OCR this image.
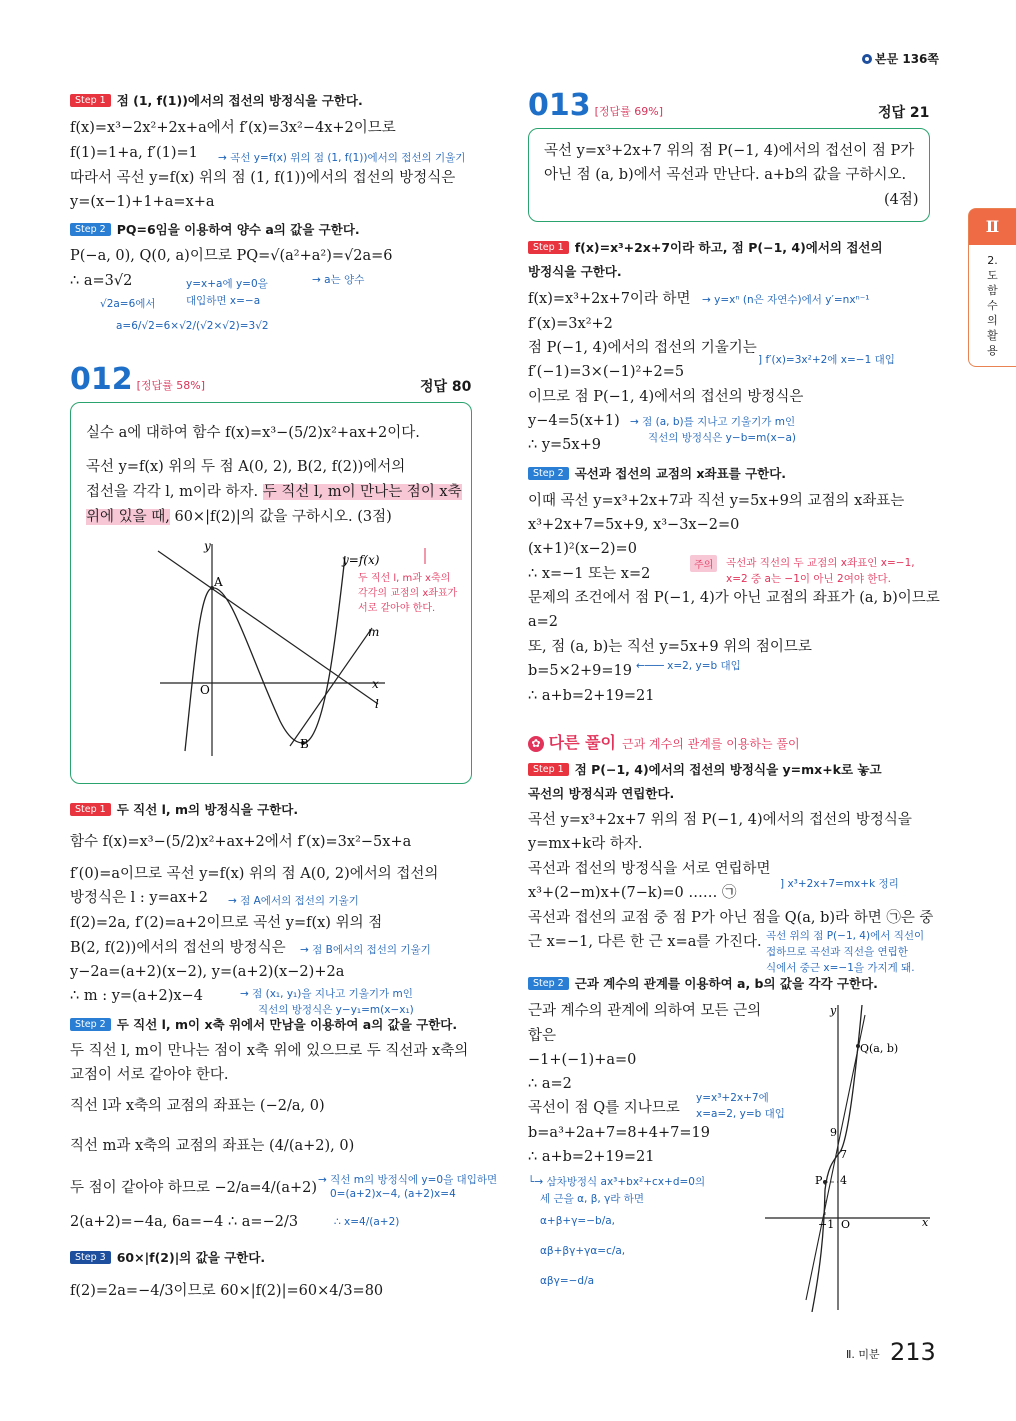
본문 136쪽
Ⅱ
2. 도함수의 활용
Step 1 점 (1, f(1))에서의 접선의 방정식을 구한다.
f(x)=x³−2x²+2x+a에서 f′(x)=3x²−4x+2이므로
f(1)=1+a, f′(1)=1 → 곡선 y=f(x) 위의 점 (1, f(1))에서의 접선의 기울기
따라서 곡선 y=f(x) 위의 점 (1, f(1))에서의 접선의 방정식은
y=(x−1)+1+a=x+a
Step 2 PQ=6임을 이용하여 양수 a의 값을 구한다.
P(−a, 0), Q(0, a)이므로 PQ=√(a²+a²)=√2a=6
→ a는 양수
∴ a=3√2	y=x+a에 y=0을
대입하면 x=−a
√2a=6에서
a=6/√2=6×√2/(√2×√2)=3√2
012 [정답률 58%]	정답 80
실수 a에 대하여 함수 f(x)=x³−(5/2)x²+ax+2이다.
곡선 y=f(x) 위의 두 점 A(0, 2), B(2, f(2))에서의
접선을 각각 l, m이라 하자. 두 직선 l, m이 만나는 점이 x축
위에 있을 때, 60×|f(2)|의 값을 구하시오. (3점)
y
x
O
A
B
l
m
y=f(x)
두 직선 l, m과 x축의
각각의 교점의 x좌표가
서로 같아야 한다.
Step 1 두 직선 l, m의 방정식을 구한다.
함수 f(x)=x³−(5/2)x²+ax+2에서 f′(x)=3x²−5x+a
f′(0)=a이므로 곡선 y=f(x) 위의 점 A(0, 2)에서의 접선의
방정식은 l : y=ax+2 → 점 A에서의 접선의 기울기
f(2)=2a, f′(2)=a+2이므로 곡선 y=f(x) 위의 점
B(2, f(2))에서의 접선의 방정식은 → 점 B에서의 접선의 기울기
y−2a=(a+2)(x−2), y=(a+2)(x−2)+2a
∴ m : y=(a+2)x−4	→ 점 (x₁, y₁)을 지나고 기울기가 m인
직선의 방정식은 y−y₁=m(x−x₁)
Step 2 두 직선 l, m이 x축 위에서 만남을 이용하여 a의 값을 구한다.
두 직선 l, m이 만나는 점이 x축 위에 있으므로 두 직선과 x축의
교점이 서로 같아야 한다.
직선 l과 x축의 교점의 좌표는 (−2/a, 0)
직선 m과 x축의 교점의 좌표는 (4/(a+2), 0)
두 점이 같아야 하므로 −2/a=4/(a+2) → 직선 m의 방정식에 y=0을 대입하면
0=(a+2)x−4, (a+2)x=4
2(a+2)=−4a, 6a=−4 ∴ a=−2/3	∴ x=4/(a+2)
Step 3 60×|f(2)|의 값을 구한다.
f(2)=2a=−4/3이므로 60×|f(2)|=60×4/3=80
013 [정답률 69%]	정답 21
곡선 y=x³+2x+7 위의 점 P(−1, 4)에서의 접선이 점 P가
아닌 점 (a, b)에서 곡선과 만난다. a+b의 값을 구하시오.
(4점)
Step 1 f(x)=x³+2x+7이라 하고, 점 P(−1, 4)에서의 접선의
방정식을 구한다.
f(x)=x³+2x+7이라 하면 → y=xⁿ (n은 자연수)에서 y′=nxⁿ⁻¹
f′(x)=3x²+2
점 P(−1, 4)에서의 접선의 기울기는
] f′(x)=3x²+2에 x=−1 대입
f′(−1)=3×(−1)²+2=5
이므로 점 P(−1, 4)에서의 접선의 방정식은
y−4=5(x+1) → 점 (a, b)를 지나고 기울기가 m인
직선의 방정식은 y−b=m(x−a)
∴ y=5x+9
Step 2 곡선과 접선의 교점의 x좌표를 구한다.
이때 곡선 y=x³+2x+7과 직선 y=5x+9의 교점의 x좌표는
x³+2x+7=5x+9, x³−3x−2=0
(x+1)²(x−2)=0
∴ x=−1 또는 x=2
주의	곡선과 직선의 두 교점의 x좌표인 x=−1,
x=2 중 a는 −1이 아닌 2여야 한다.
문제의 조건에서 점 P(−1, 4)가 아닌 교점의 좌표가 (a, b)이므로
a=2
또, 점 (a, b)는 직선 y=5x+9 위의 점이므로
b=5×2+9=19 ←─── x=2, y=b 대입
∴ a+b=2+19=21
✿ 다른 풀이 근과 계수의 관계를 이용하는 풀이
Step 1 점 P(−1, 4)에서의 접선의 방정식을 y=mx+k로 놓고
곡선의 방정식과 연립한다.
곡선 y=x³+2x+7 위의 점 P(−1, 4)에서의 접선의 방정식을
y=mx+k라 하자.
곡선과 접선의 방정식을 서로 연립하면
x³+(2−m)x+(7−k)=0 …… ㉠
] x³+2x+7=mx+k 정리
곡선과 접선의 교점 중 점 P가 아닌 점을 Q(a, b)라 하면 ㉠은 중
근 x=−1, 다른 한 근 x=a를 가진다. 곡선 위의 점 P(−1, 4)에서 직선이
접하므로 곡선과 직선을 연립한
식에서 중근 x=−1을 가지게 돼.
Step 2 근과 계수의 관계를 이용하여 a, b의 값을 각각 구한다.
근과 계수의 관계에 의하여 모든 근의
합은
−1+(−1)+a=0
∴ a=2
곡선이 점 Q를 지나므로
y=x³+2x+7에
x=a=2, y=b 대입
b=a³+2a+7=8+4+7=19
∴ a+b=2+19=21
└→ 삼차방정식 ax³+bx²+cx+d=0의
세 근을 α, β, γ라 하면
α+β+γ=−b/a,
αβ+βγ+γα=c/a,
αβγ=−d/a
y
x
Q(a, b)
P
O
9
7
4
−1
Ⅱ. 미분 213
